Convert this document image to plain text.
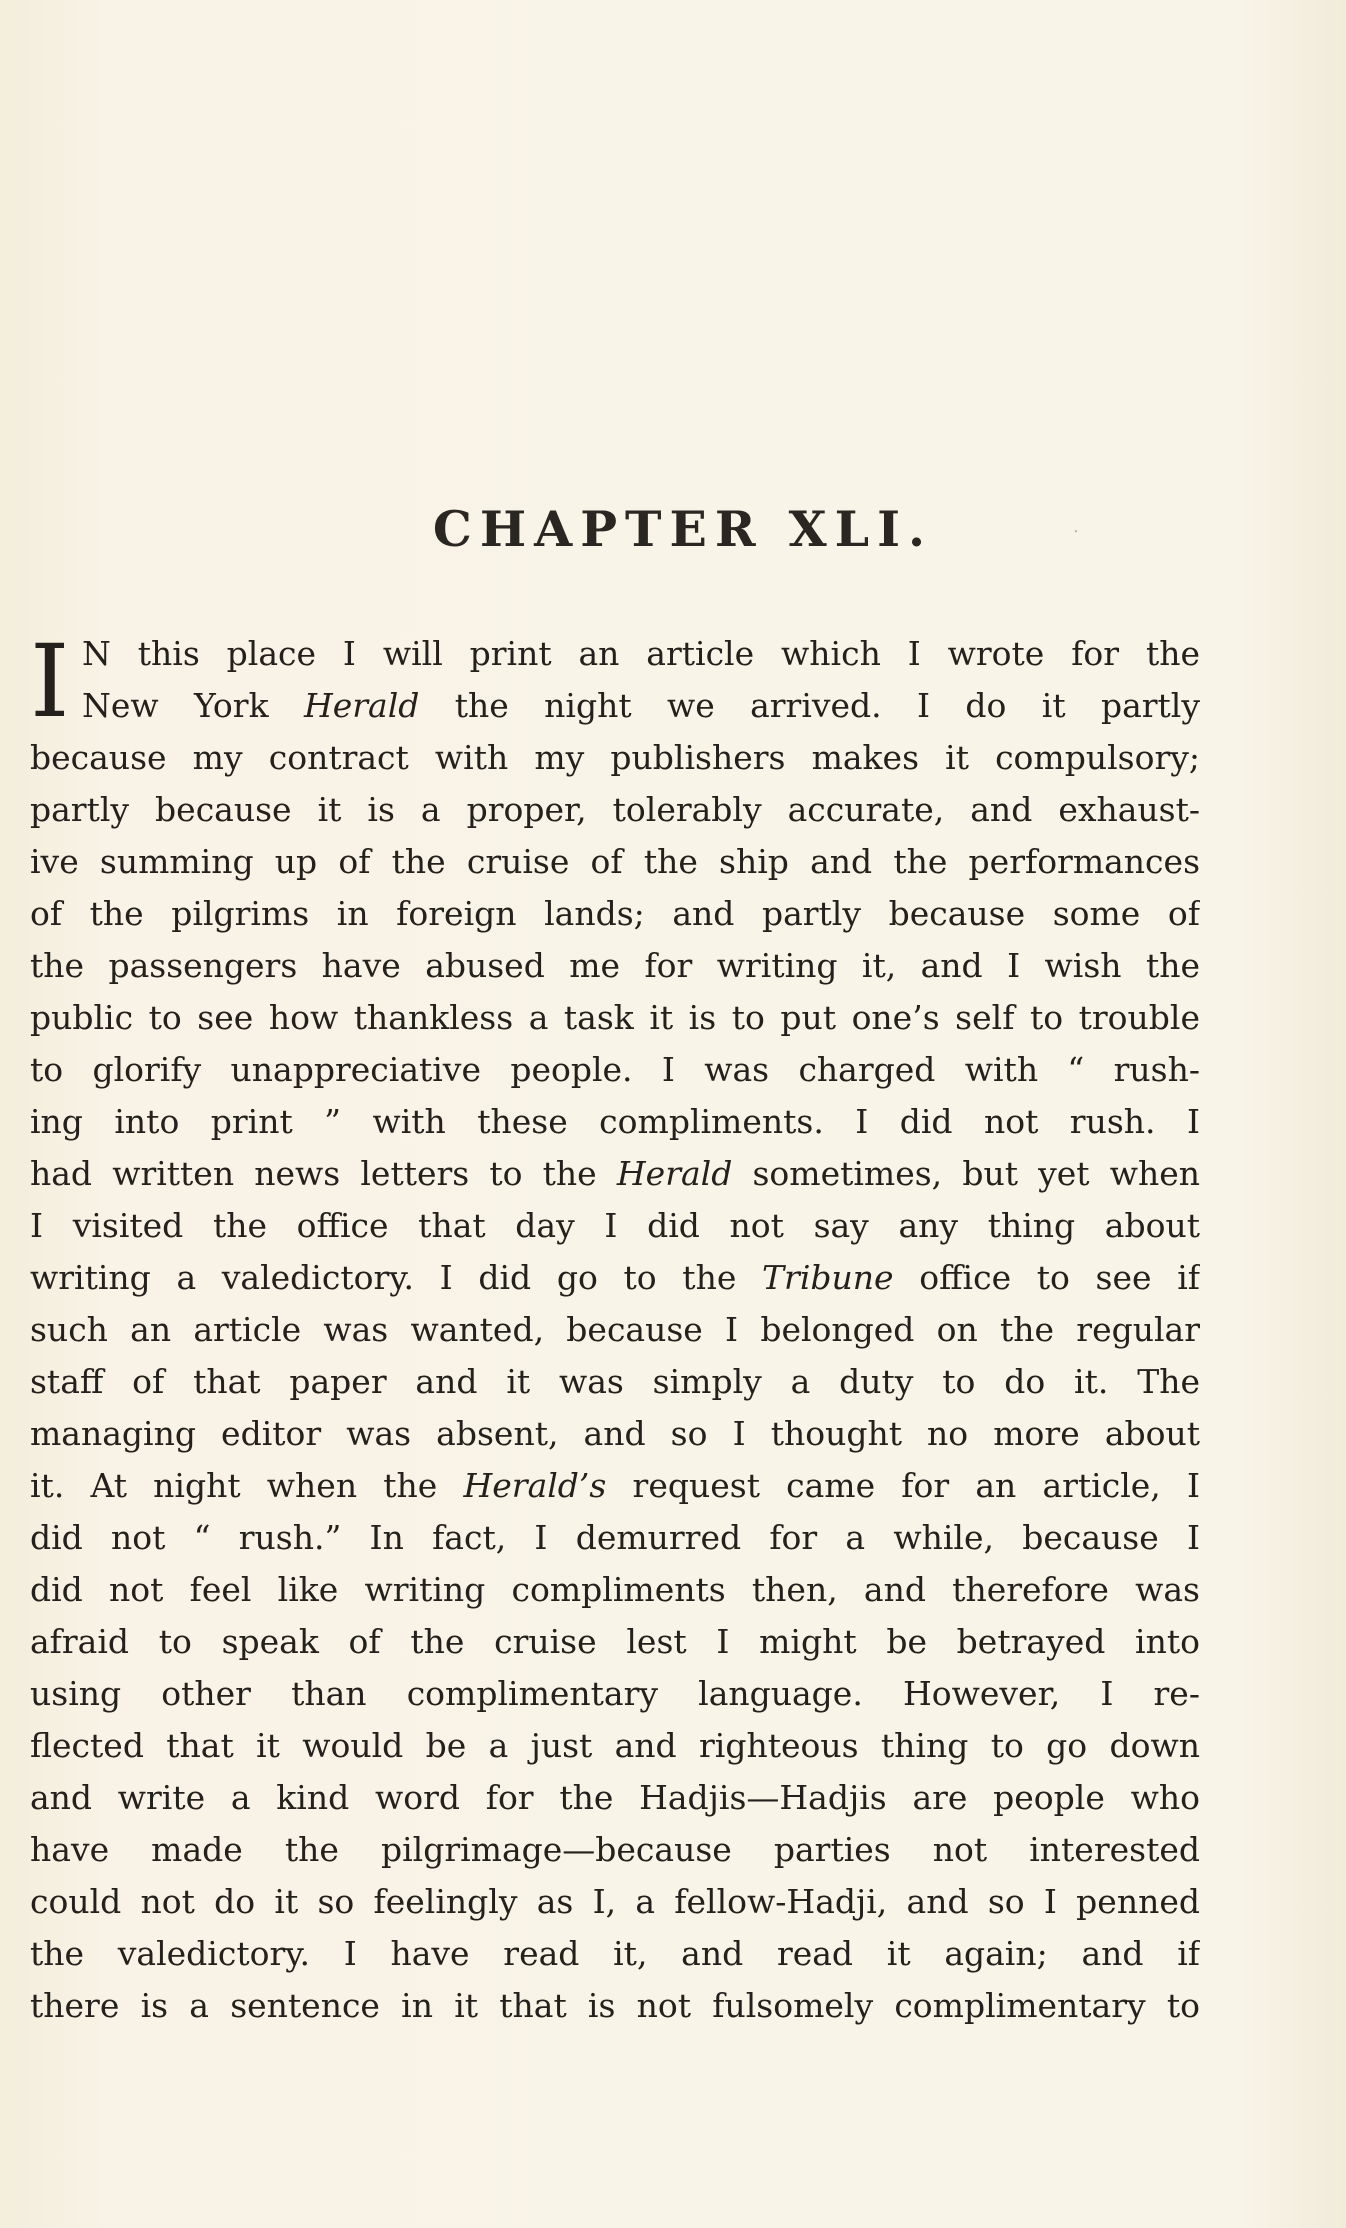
CHAPTER XLI.	⸳
I N this place I will print an article which I wrote for the
New York Herald the night we arrived. I do it partly
because my contract with my publishers makes it compulsory;
partly because it is a proper, tolerably accurate, and exhaust-
ive summing up of the cruise of the ship and the performances
of the pilgrims in foreign lands; and partly because some of
the passengers have abused me for writing it, and I wish the
public to see how thankless a task it is to put one’s self to trouble
to glorify unappreciative people. I was charged with “ rush-
ing into print ” with these compliments. I did not rush. I
had written news letters to the Herald sometimes, but yet when
I visited the office that day I did not say any thing about
writing a valedictory. I did go to the Tribune office to see if
such an article was wanted, because I belonged on the regular
staff of that paper and it was simply a duty to do it. The
managing editor was absent, and so I thought no more about
it. At night when the Herald’s request came for an article, I
did not “ rush.” In fact, I demurred for a while, because I
did not feel like writing compliments then, and therefore was
afraid to speak of the cruise lest I might be betrayed into
using other than complimentary language. However, I re-
flected that it would be a just and righteous thing to go down
and write a kind word for the Hadjis—Hadjis are people who
have made the pilgrimage—because parties not interested
could not do it so feelingly as I, a fellow-Hadji, and so I penned
the valedictory. I have read it, and read it again; and if
there is a sentence in it that is not fulsomely complimentary to
